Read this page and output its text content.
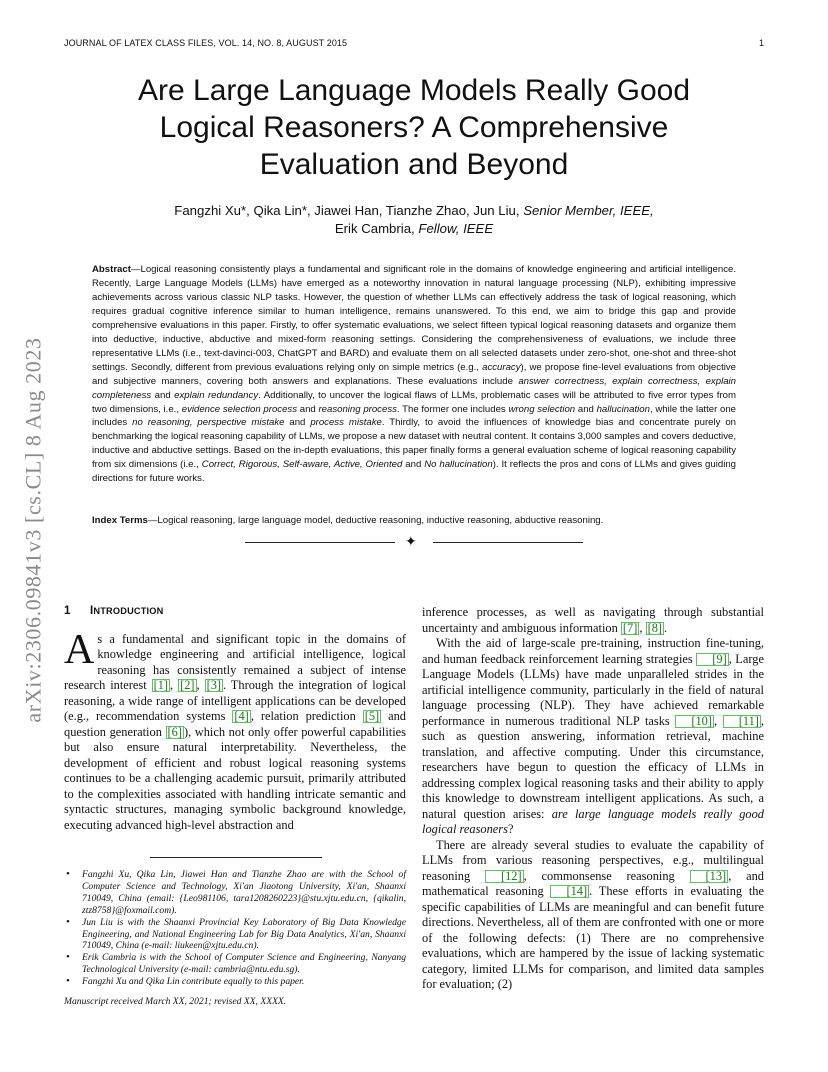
JOURNAL OF LATEX CLASS FILES, VOL. 14, NO. 8, AUGUST 2015	1
arXiv:2306.09841v3 [cs.CL] 8 Aug 2023
Are Large Language Models Really Good Logical Reasoners? A Comprehensive Evaluation and Beyond
Fangzhi Xu*, Qika Lin*, Jiawei Han, Tianzhe Zhao, Jun Liu, Senior Member, IEEE,
Erik Cambria, Fellow, IEEE

Abstract—Logical reasoning consistently plays a fundamental and significant role in the domains of knowledge engineering and artificial intelligence. Recently, Large Language Models (LLMs) have emerged as a noteworthy innovation in natural language processing (NLP), exhibiting impressive achievements across various classic NLP tasks. However, the question of whether LLMs can effectively address the task of logical reasoning, which requires gradual cognitive inference similar to human intelligence, remains unanswered. To this end, we aim to bridge this gap and provide comprehensive evaluations in this paper. Firstly, to offer systematic evaluations, we select fifteen typical logical reasoning datasets and organize them into deductive, inductive, abductive and mixed-form reasoning settings. Considering the comprehensiveness of evaluations, we include three representative LLMs (i.e., text-davinci-003, ChatGPT and BARD) and evaluate them on all selected datasets under zero-shot, one-shot and three-shot settings. Secondly, different from previous evaluations relying only on simple metrics (e.g., accuracy), we propose fine-level evaluations from objective and subjective manners, covering both answers and explanations. These evaluations include answer correctness, explain correctness, explain completeness and explain redundancy. Additionally, to uncover the logical flaws of LLMs, problematic cases will be attributed to five error types from two dimensions, i.e., evidence selection process and reasoning process. The former one includes wrong selection and hallucination, while the latter one includes no reasoning, perspective mistake and process mistake. Thirdly, to avoid the influences of knowledge bias and concentrate purely on benchmarking the logical reasoning capability of LLMs, we propose a new dataset with neutral content. It contains 3,000 samples and covers deductive, inductive and abductive settings. Based on the in-depth evaluations, this paper finally forms a general evaluation scheme of logical reasoning capability from six dimensions (i.e., Correct, Rigorous, Self-aware, Active, Oriented and No hallucination). It reflects the pros and cons of LLMs and gives guiding directions for future works.

Index Terms—Logical reasoning, large language model, deductive reasoning, inductive reasoning, abductive reasoning.

✦
1 INTRODUCTION

As a fundamental and significant topic in the domains of knowledge engineering and artificial intelligence, logical reasoning has consistently remained a subject of intense research interest [1] , [2] , [3] . Through the integration of logical reasoning, a wide range of intelligent applications can be developed (e.g., recommendation systems [4] , relation prediction [5] and question generation [6] ), which not only offer powerful capabilities but also ensure natural interpretability. Nevertheless, the development of efficient and robust logical reasoning systems continues to be a challenging academic pursuit, primarily attributed to the complexities associated with handling intricate semantic and syntactic structures, managing symbolic background knowledge, executing advanced high-level abstraction and

inference processes, as well as navigating through substantial uncertainty and ambiguous information [7] , [8] .

With the aid of large-scale pre-training, instruction fine-tuning, and human feedback reinforcement learning strategies [9] , Large Language Models (LLMs) have made unparalleled strides in the artificial intelligence community, particularly in the field of natural language processing (NLP). They have achieved remarkable performance in numerous traditional NLP tasks [10] , [11] , such as question answering, information retrieval, machine translation, and affective computing. Under this circumstance, researchers have begun to question the efficacy of LLMs in addressing complex logical reasoning tasks and their ability to apply this knowledge to downstream intelligent applications. As such, a natural question arises: are large language models really good logical reasoners?

There are already several studies to evaluate the capability of LLMs from various reasoning perspectives, e.g., multilingual reasoning [12] , commonsense reasoning [13] , and mathematical reasoning [14] . These efforts in evaluating the specific capabilities of LLMs are meaningful and can benefit future directions. Nevertheless, all of them are confronted with one or more of the following defects: (1) There are no comprehensive evaluations, which are hampered by the issue of lacking systematic category, limited LLMs for comparison, and limited data samples for evaluation; (2)

• Fangzhi Xu, Qika Lin, Jiawei Han and Tianzhe Zhao are with the School of Computer Science and Technology, Xi'an Jiaotong University, Xi'an, Shaanxi 710049, China (email: {Leo981106, tara1208260223}@stu.xjtu.edu.cn, {qikalin, ztz8758}@foxmail.com).
• Jun Liu is with the Shaanxi Provincial Key Laboratory of Big Data Knowledge Engineering, and National Engineering Lab for Big Data Analytics, Xi'an, Shaanxi 710049, China (e-mail: liukeen@xjtu.edu.cn).
• Erik Cambria is with the School of Computer Science and Engineering, Nanyang Technological University (e-mail: cambria@ntu.edu.sg).
• Fangzhi Xu and Qika Lin contribute equally to this paper.
Manuscript received March XX, 2021; revised XX, XXXX.
